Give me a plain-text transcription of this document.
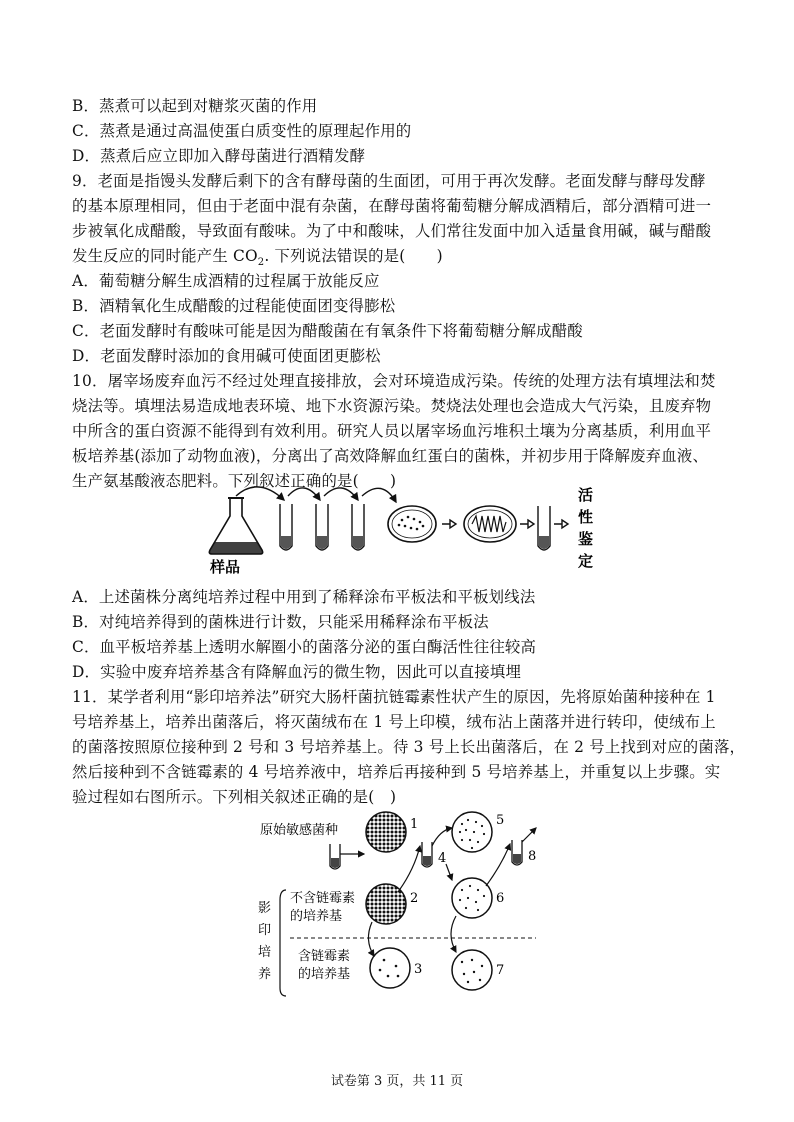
B．蒸煮可以起到对糖浆灭菌的作用
C．蒸煮是通过高温使蛋白质变性的原理起作用的
D．蒸煮后应立即加入酵母菌进行酒精发酵
9．老面是指馒头发酵后剩下的含有酵母菌的生面团，可用于再次发酵。老面发酵与酵母发酵
的基本原理相同，但由于老面中混有杂菌，在酵母菌将葡萄糖分解成酒精后，部分酒精可进一
步被氧化成醋酸，导致面有酸味。为了中和酸味，人们常往发面中加入适量食用碱，碱与醋酸
发生反应的同时能产生 $CO_2$. 下列说法错误的是(　　)
A．葡萄糖分解生成酒精的过程属于放能反应
B．酒精氧化生成醋酸的过程能使面团变得膨松
C．老面发酵时有酸味可能是因为醋酸菌在有氧条件下将葡萄糖分解成醋酸
D．老面发酵时添加的食用碱可使面团更膨松
10．屠宰场废弃血污不经过处理直接排放，会对环境造成污染。传统的处理方法有填埋法和焚
烧法等。填埋法易造成地表环境、地下水资源污染。焚烧法处理也会造成大气污染，且废弃物
中所含的蛋白资源不能得到有效利用。研究人员以屠宰场血污堆积土壤为分离基质，利用血平
板培养基(添加了动物血液)，分离出了高效降解血红蛋白的菌株，并初步用于降解废弃血液、
生产氨基酸液态肥料。下列叙述正确的是(　　)
样品
活
性
鉴
定
A．上述菌株分离纯培养过程中用到了稀释涂布平板法和平板划线法
B．对纯培养得到的菌株进行计数，只能采用稀释涂布平板法
C．血平板培养基上透明水解圈小的菌落分泌的蛋白酶活性往往较高
D．实验中废弃培养基含有降解血污的微生物，因此可以直接填埋
11．某学者利用“影印培养法”研究大肠杆菌抗链霉素性状产生的原因，先将原始菌种接种在 1
号培养基上，培养出菌落后，将灭菌绒布在 1 号上印模，绒布沾上菌落并进行转印，使绒布上
的菌落按照原位接种到 2 号和 3 号培养基上。待 3 号上长出菌落后，在 2 号上找到对应的菌落，
然后接种到不含链霉素的 4 号培养液中，培养后再接种到 5 号培养基上，并重复以上步骤。实
验过程如右图所示。下列相关叙述正确的是(　)
原始敏感菌种	1
2
3
4
5
6
7
8
影
印
培
养
不含链霉素
的培养基
含链霉素
的培养基
试卷第 3 页，共 11 页
